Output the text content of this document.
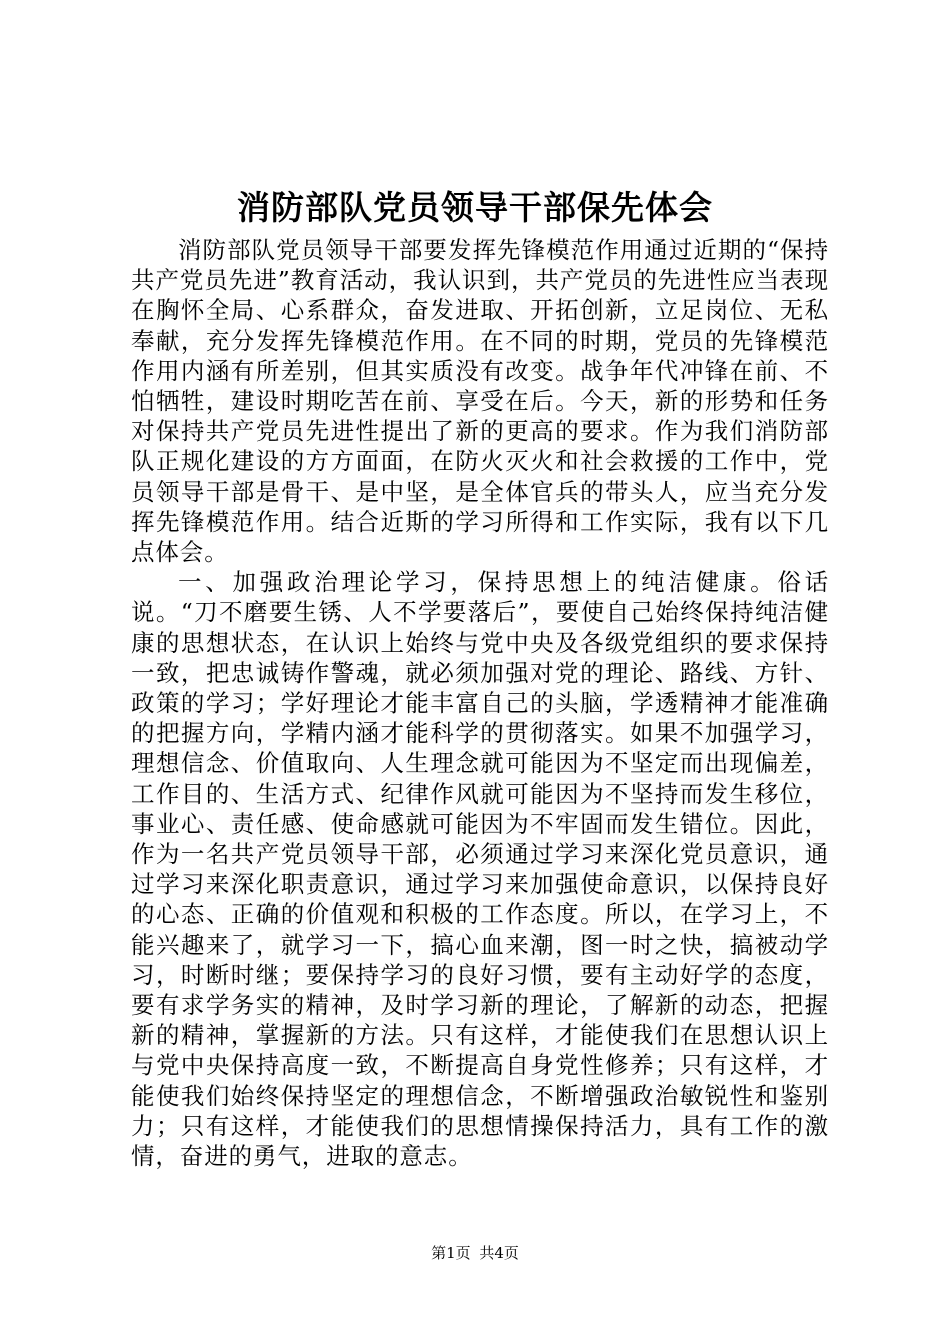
消防部队党员领导干部保先体会

消防部队党员领导干部要发挥先锋模范作用通过近期的“保持共产党员先进”教育活动，我认识到，共产党员的先进性应当表现在胸怀全局、心系群众，奋发进取、开拓创新，立足岗位、无私奉献，充分发挥先锋模范作用。在不同的时期，党员的先锋模范作用内涵有所差别，但其实质没有改变。战争年代冲锋在前、不怕牺牲，建设时期吃苦在前、享受在后。今天，新的形势和任务对保持共产党员先进性提出了新的更高的要求。作为我们消防部队正规化建设的方方面面，在防火灭火和社会救援的工作中，党员领导干部是骨干、是中坚，是全体官兵的带头人，应当充分发挥先锋模范作用。结合近斯的学习所得和工作实际，我有以下几点体会。

一、加强政治理论学习，保持思想上的纯洁健康。俗话说。“刀不磨要生锈、人不学要落后”，要使自己始终保持纯洁健康的思想状态，在认识上始终与党中央及各级党组织的要求保持一致，把忠诚铸作警魂，就必须加强对党的理论、路线、方针、政策的学习；学好理论才能丰富自己的头脑，学透精神才能准确的把握方向，学精内涵才能科学的贯彻落实。如果不加强学习，理想信念、价值取向、人生理念就可能因为不坚定而出现偏差，工作目的、生活方式、纪律作风就可能因为不坚持而发生移位，事业心、责任感、使命感就可能因为不牢固而发生错位。因此，作为一名共产党员领导干部，必须通过学习来深化党员意识，通过学习来深化职责意识，通过学习来加强使命意识，以保持良好的心态、正确的价值观和积极的工作态度。所以，在学习上，不能兴趣来了，就学习一下，搞心血来潮，图一时之快，搞被动学习，时断时继；要保持学习的良好习惯，要有主动好学的态度，要有求学务实的精神，及时学习新的理论，了解新的动态，把握新的精神，掌握新的方法。只有这样，才能使我们在思想认识上与党中央保持高度一致，不断提高自身党性修养；只有这样，才能使我们始终保持坚定的理想信念，不断增强政治敏锐性和鉴别力；只有这样，才能使我们的思想情操保持活力，具有工作的激情，奋进的勇气，进取的意志。

第1页 共4页
